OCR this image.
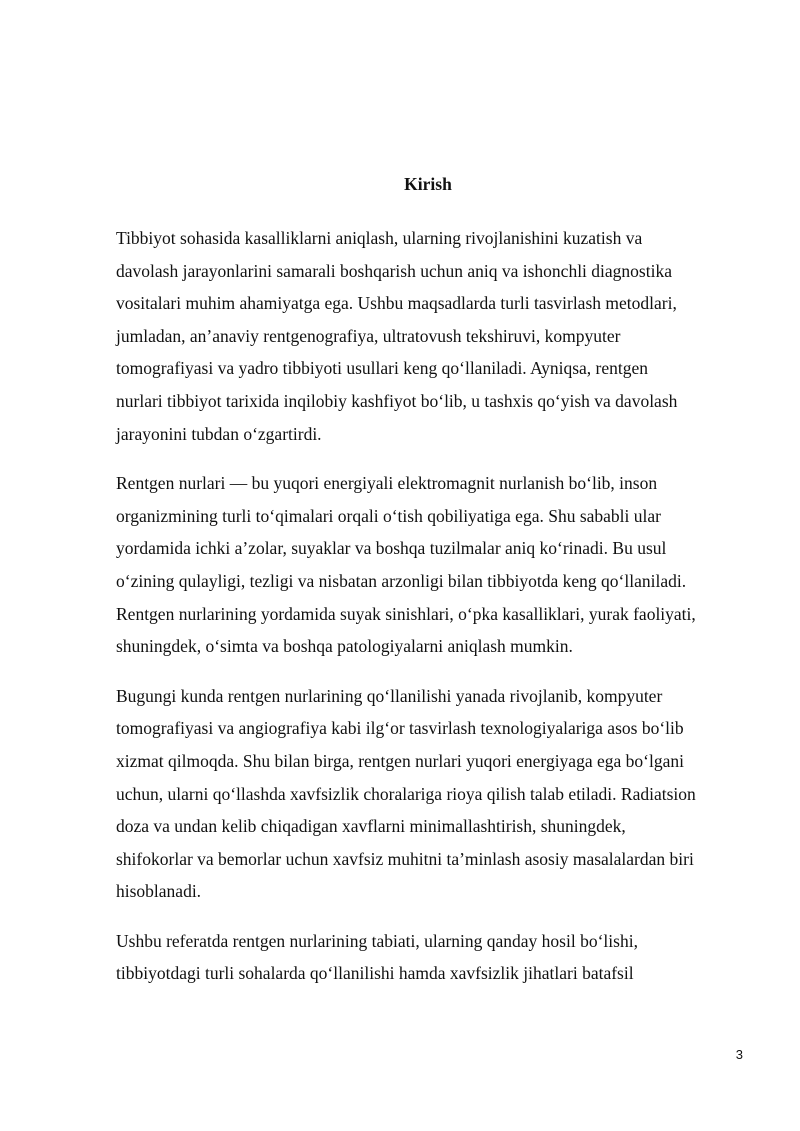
Kirish

Tibbiyot sohasida kasalliklarni aniqlash, ularning rivojlanishini kuzatish va
davolash jarayonlarini samarali boshqarish uchun aniq va ishonchli diagnostika
vositalari muhim ahamiyatga ega. Ushbu maqsadlarda turli tasvirlash metodlari,
jumladan, an’anaviy rentgenografiya, ultratovush tekshiruvi, kompyuter
tomografiyasi va yadro tibbiyoti usullari keng qo‘llaniladi. Ayniqsa, rentgen
nurlari tibbiyot tarixida inqilobiy kashfiyot bo‘lib, u tashxis qo‘yish va davolash
jarayonini tubdan o‘zgartirdi.

Rentgen nurlari — bu yuqori energiyali elektromagnit nurlanish bo‘lib, inson
organizmining turli to‘qimalari orqali o‘tish qobiliyatiga ega. Shu sababli ular
yordamida ichki a’zolar, suyaklar va boshqa tuzilmalar aniq ko‘rinadi. Bu usul
o‘zining qulayligi, tezligi va nisbatan arzonligi bilan tibbiyotda keng qo‘llaniladi.
Rentgen nurlarining yordamida suyak sinishlari, o‘pka kasalliklari, yurak faoliyati,
shuningdek, o‘simta va boshqa patologiyalarni aniqlash mumkin.

Bugungi kunda rentgen nurlarining qo‘llanilishi yanada rivojlanib, kompyuter
tomografiyasi va angiografiya kabi ilg‘or tasvirlash texnologiyalariga asos bo‘lib
xizmat qilmoqda. Shu bilan birga, rentgen nurlari yuqori energiyaga ega bo‘lgani
uchun, ularni qo‘llashda xavfsizlik choralariga rioya qilish talab etiladi. Radiatsion
doza va undan kelib chiqadigan xavflarni minimallashtirish, shuningdek,
shifokorlar va bemorlar uchun xavfsiz muhitni ta’minlash asosiy masalalardan biri
hisoblanadi.

Ushbu referatda rentgen nurlarining tabiati, ularning qanday hosil bo‘lishi,
tibbiyotdagi turli sohalarda qo‘llanilishi hamda xavfsizlik jihatlari batafsil

3
